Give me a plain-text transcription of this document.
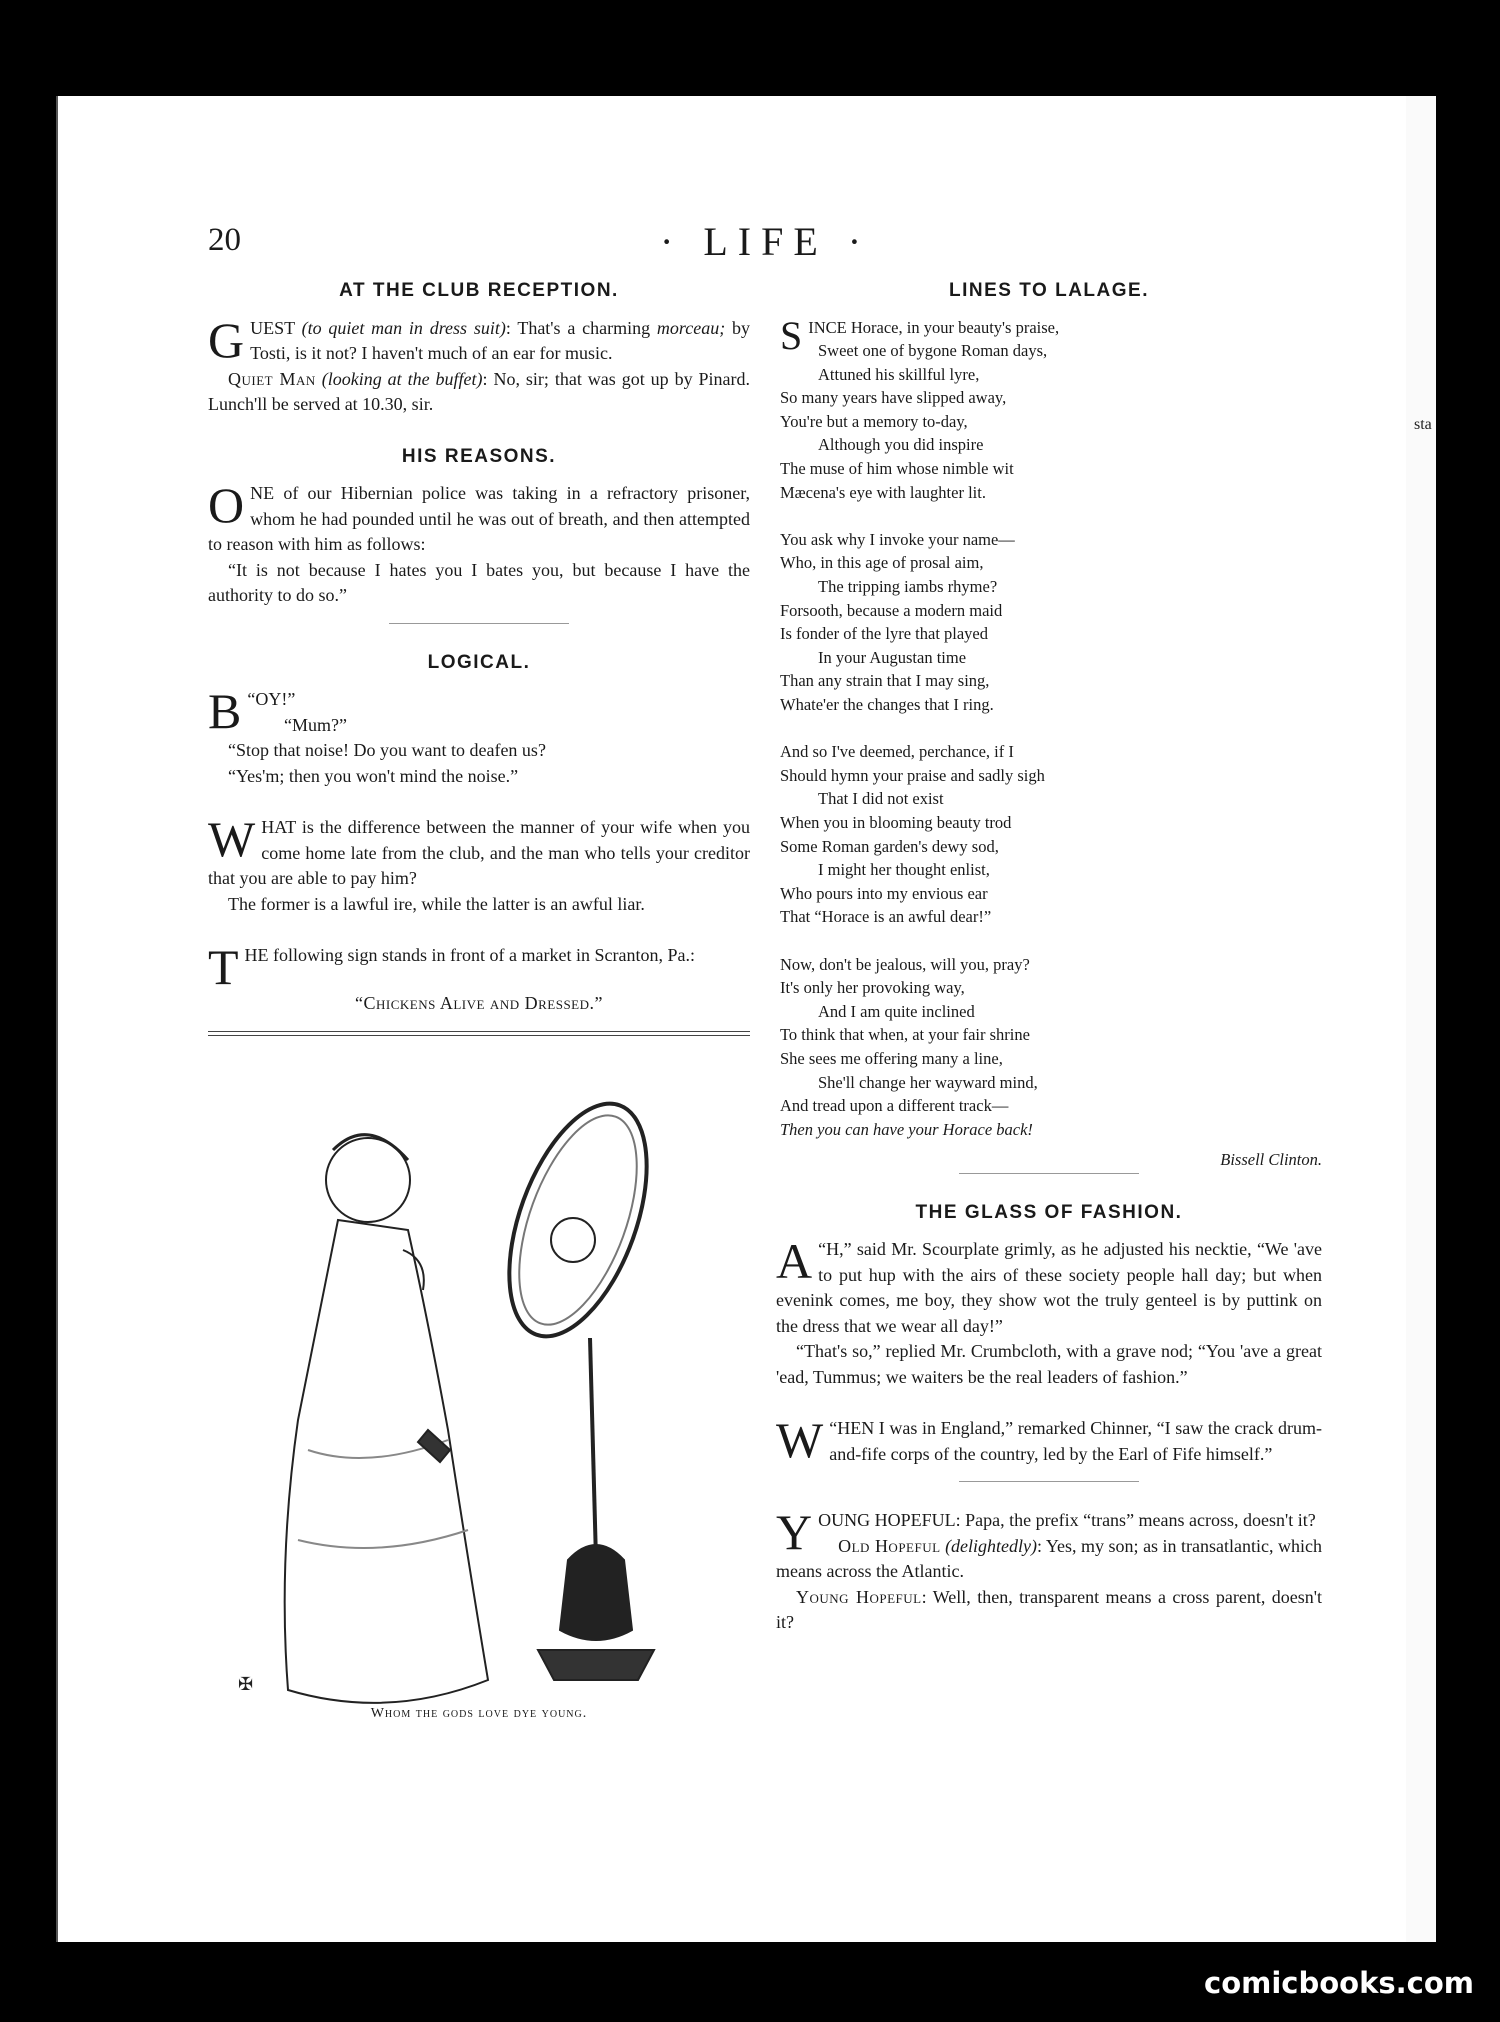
sta
20	· LIFE ·
AT THE CLUB RECEPTION.

GUEST (to quiet man in dress suit): That's a charming morceau; by Tosti, is it not? I haven't much of an ear for music.

Quiet Man (looking at the buffet): No, sir; that was got up by Pinard. Lunch'll be served at 10.30, sir.

HIS REASONS.

ONE of our Hibernian police was taking in a refractory prisoner, whom he had pounded until he was out of breath, and then attempted to reason with him as follows:

“It is not because I hates you I bates you, but because I have the authority to do so.”

LOGICAL.

“
B OY!”

“Mum?”

“Stop that noise! Do you want to deafen us?

“Yes'm; then you won't mind the noise.”

WHAT is the difference between the manner of your wife when you come home late from the club, and the man who tells your creditor that you are able to pay him?

The former is a lawful ire, while the latter is an awful liar.

THE following sign stands in front of a market in Scranton, Pa.:

“Chickens Alive and Dressed.”

✠
Whom the gods love dye young.
LINES TO LALAGE.
SINCE Horace, in your beauty's praise,
Sweet one of bygone Roman days,
Attuned his skillful lyre,
So many years have slipped away,
You're but a memory to-day,
Although you did inspire
The muse of him whose nimble wit
Mæcena's eye with laughter lit.
You ask why I invoke your name—
Who, in this age of prosal aim,
The tripping iambs rhyme?
Forsooth, because a modern maid
Is fonder of the lyre that played
In your Augustan time
Than any strain that I may sing,
Whate'er the changes that I ring.
And so I've deemed, perchance, if I
Should hymn your praise and sadly sigh
That I did not exist
When you in blooming beauty trod
Some Roman garden's dewy sod,
I might her thought enlist,
Who pours into my envious ear
That “Horace is an awful dear!”
Now, don't be jealous, will you, pray?
It's only her provoking way,
And I am quite inclined
To think that when, at your fair shrine
She sees me offering many a line,
She'll change her wayward mind,
And tread upon a different track—
Then you can have your Horace back!
Bissell Clinton.
THE GLASS OF FASHION.

“
A H,” said Mr. Scourplate grimly, as he adjusted his necktie, “We 'ave to put hup with the airs of these society people hall day; but when evenink comes, me boy, they show wot the truly genteel is by puttink on the dress that we wear all day!”

“That's so,” replied Mr. Crumbcloth, with a grave nod; “You 'ave a great 'ead, Tummus; we waiters be the real leaders of fashion.”

“
W HEN I was in England,” remarked Chinner, “I saw the crack drum-and-fife corps of the country, led by the Earl of Fife himself.”

YOUNG HOPEFUL: Papa, the prefix “trans” means across, doesn't it?

Old Hopeful (delightedly): Yes, my son; as in transatlantic, which means across the Atlantic.

Young Hopeful: Well, then, transparent means a cross parent, doesn't it?

comicbooks.com
